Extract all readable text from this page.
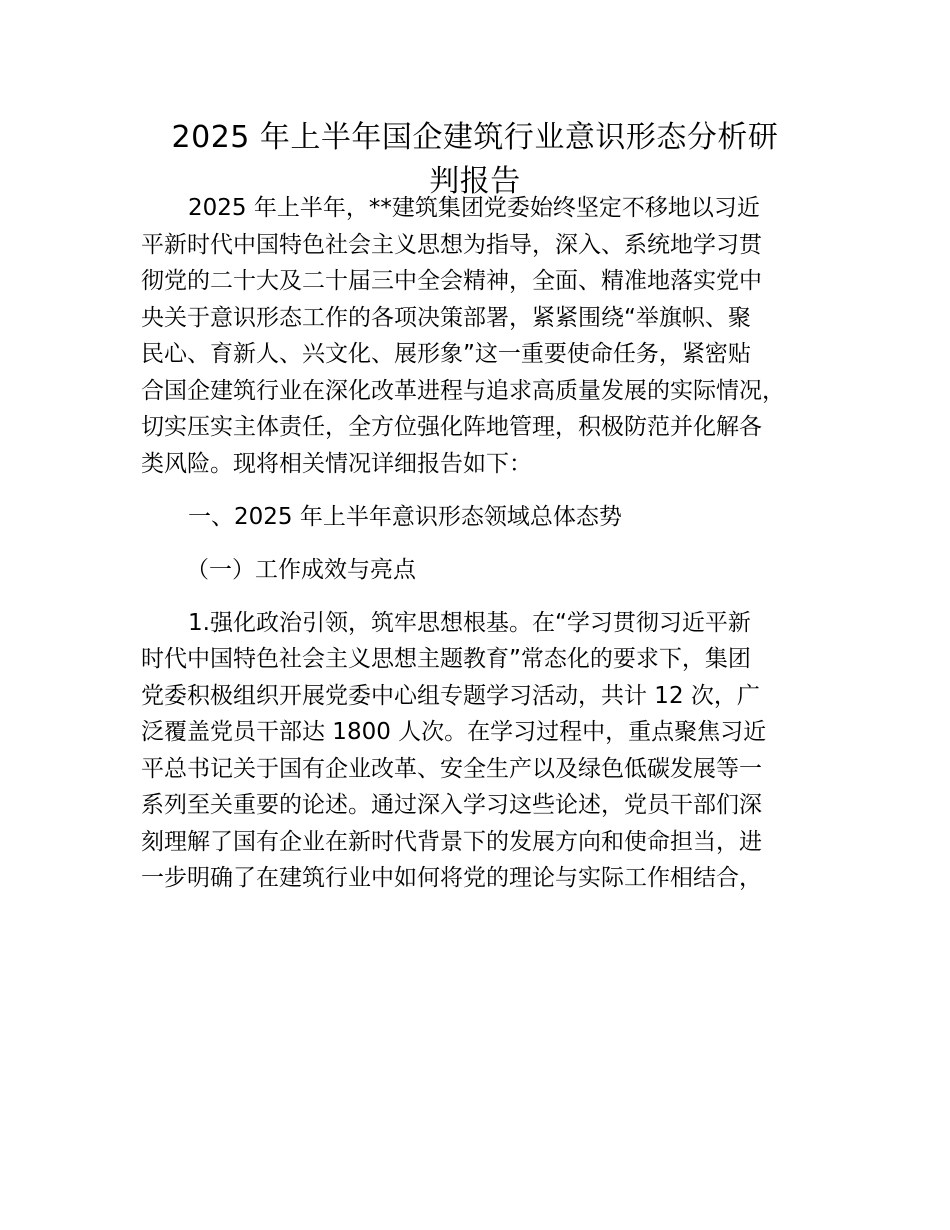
2025 年上半年国企建筑行业意识形态分析研
判报告
2025 年上半年，**建筑集团党委始终坚定不移地以习近
平新时代中国特色社会主义思想为指导，深入、系统地学习贯
彻党的二十大及二十届三中全会精神，全面、精准地落实党中
央关于意识形态工作的各项决策部署，紧紧围绕“举旗帜、聚
民心、育新人、兴文化、展形象”这一重要使命任务，紧密贴
合国企建筑行业在深化改革进程与追求高质量发展的实际情况，
切实压实主体责任，全方位强化阵地管理，积极防范并化解各
类风险。现将相关情况详细报告如下：
一、2025 年上半年意识形态领域总体态势
（一）工作成效与亮点
1.强化政治引领，筑牢思想根基。在“学习贯彻习近平新
时代中国特色社会主义思想主题教育”常态化的要求下，集团
党委积极组织开展党委中心组专题学习活动，共计 12 次，广
泛覆盖党员干部达 1800 人次。在学习过程中，重点聚焦习近
平总书记关于国有企业改革、安全生产以及绿色低碳发展等一
系列至关重要的论述。通过深入学习这些论述，党员干部们深
刻理解了国有企业在新时代背景下的发展方向和使命担当，进
一步明确了在建筑行业中如何将党的理论与实际工作相结合，
